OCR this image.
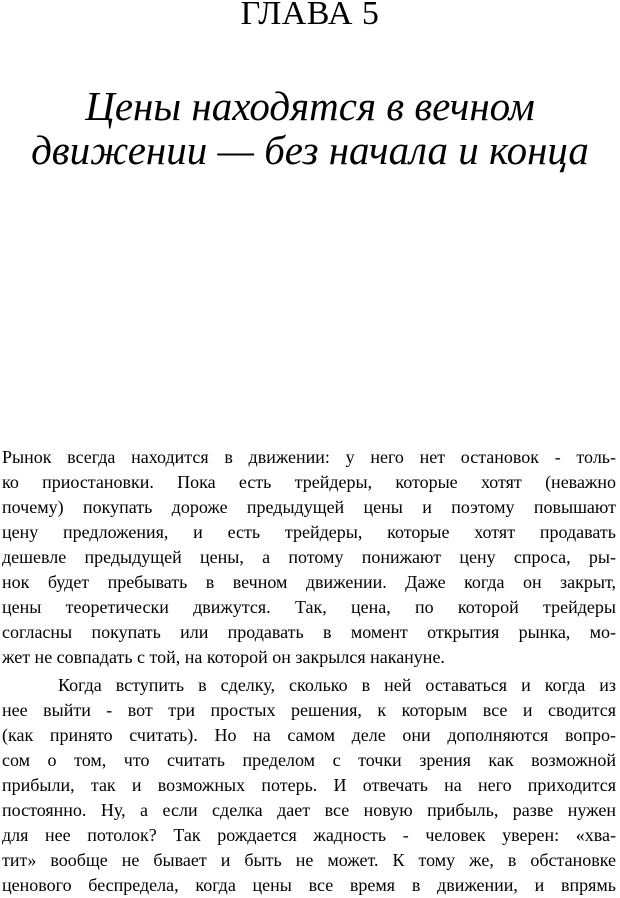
ГЛАВА 5
Цены находятся в вечном
движении — без начала и конца

Рынок всегда находится в движении: у него нет остановок - толь-
ко приостановки. Пока есть трейдеры, которые хотят (неважно
почему) покупать дороже предыдущей цены и поэтому повышают
цену предложения, и есть трейдеры, которые хотят продавать
дешевле предыдущей цены, а потому понижают цену спроса, ры-
нок будет пребывать в вечном движении. Даже когда он закрыт,
цены теоретически движутся. Так, цена, по которой трейдеры
согласны покупать или продавать в момент открытия рынка, мо-
жет не совпадать с той, на которой он закрылся накануне.

Когда вступить в сделку, сколько в ней оставаться и когда из
нее выйти - вот три простых решения, к которым все и сводится
(как принято считать). Но на самом деле они дополняются вопро-
сом о том, что считать пределом с точки зрения как возможной
прибыли, так и возможных потерь. И отвечать на него приходится
постоянно. Ну, а если сделка дает все новую прибыль, разве нужен
для нее потолок? Так рождается жадность - человек уверен: «хва-
тит» вообще не бывает и быть не может. К тому же, в обстановке
ценового беспредела, когда цены все время в движении, и впрямь
